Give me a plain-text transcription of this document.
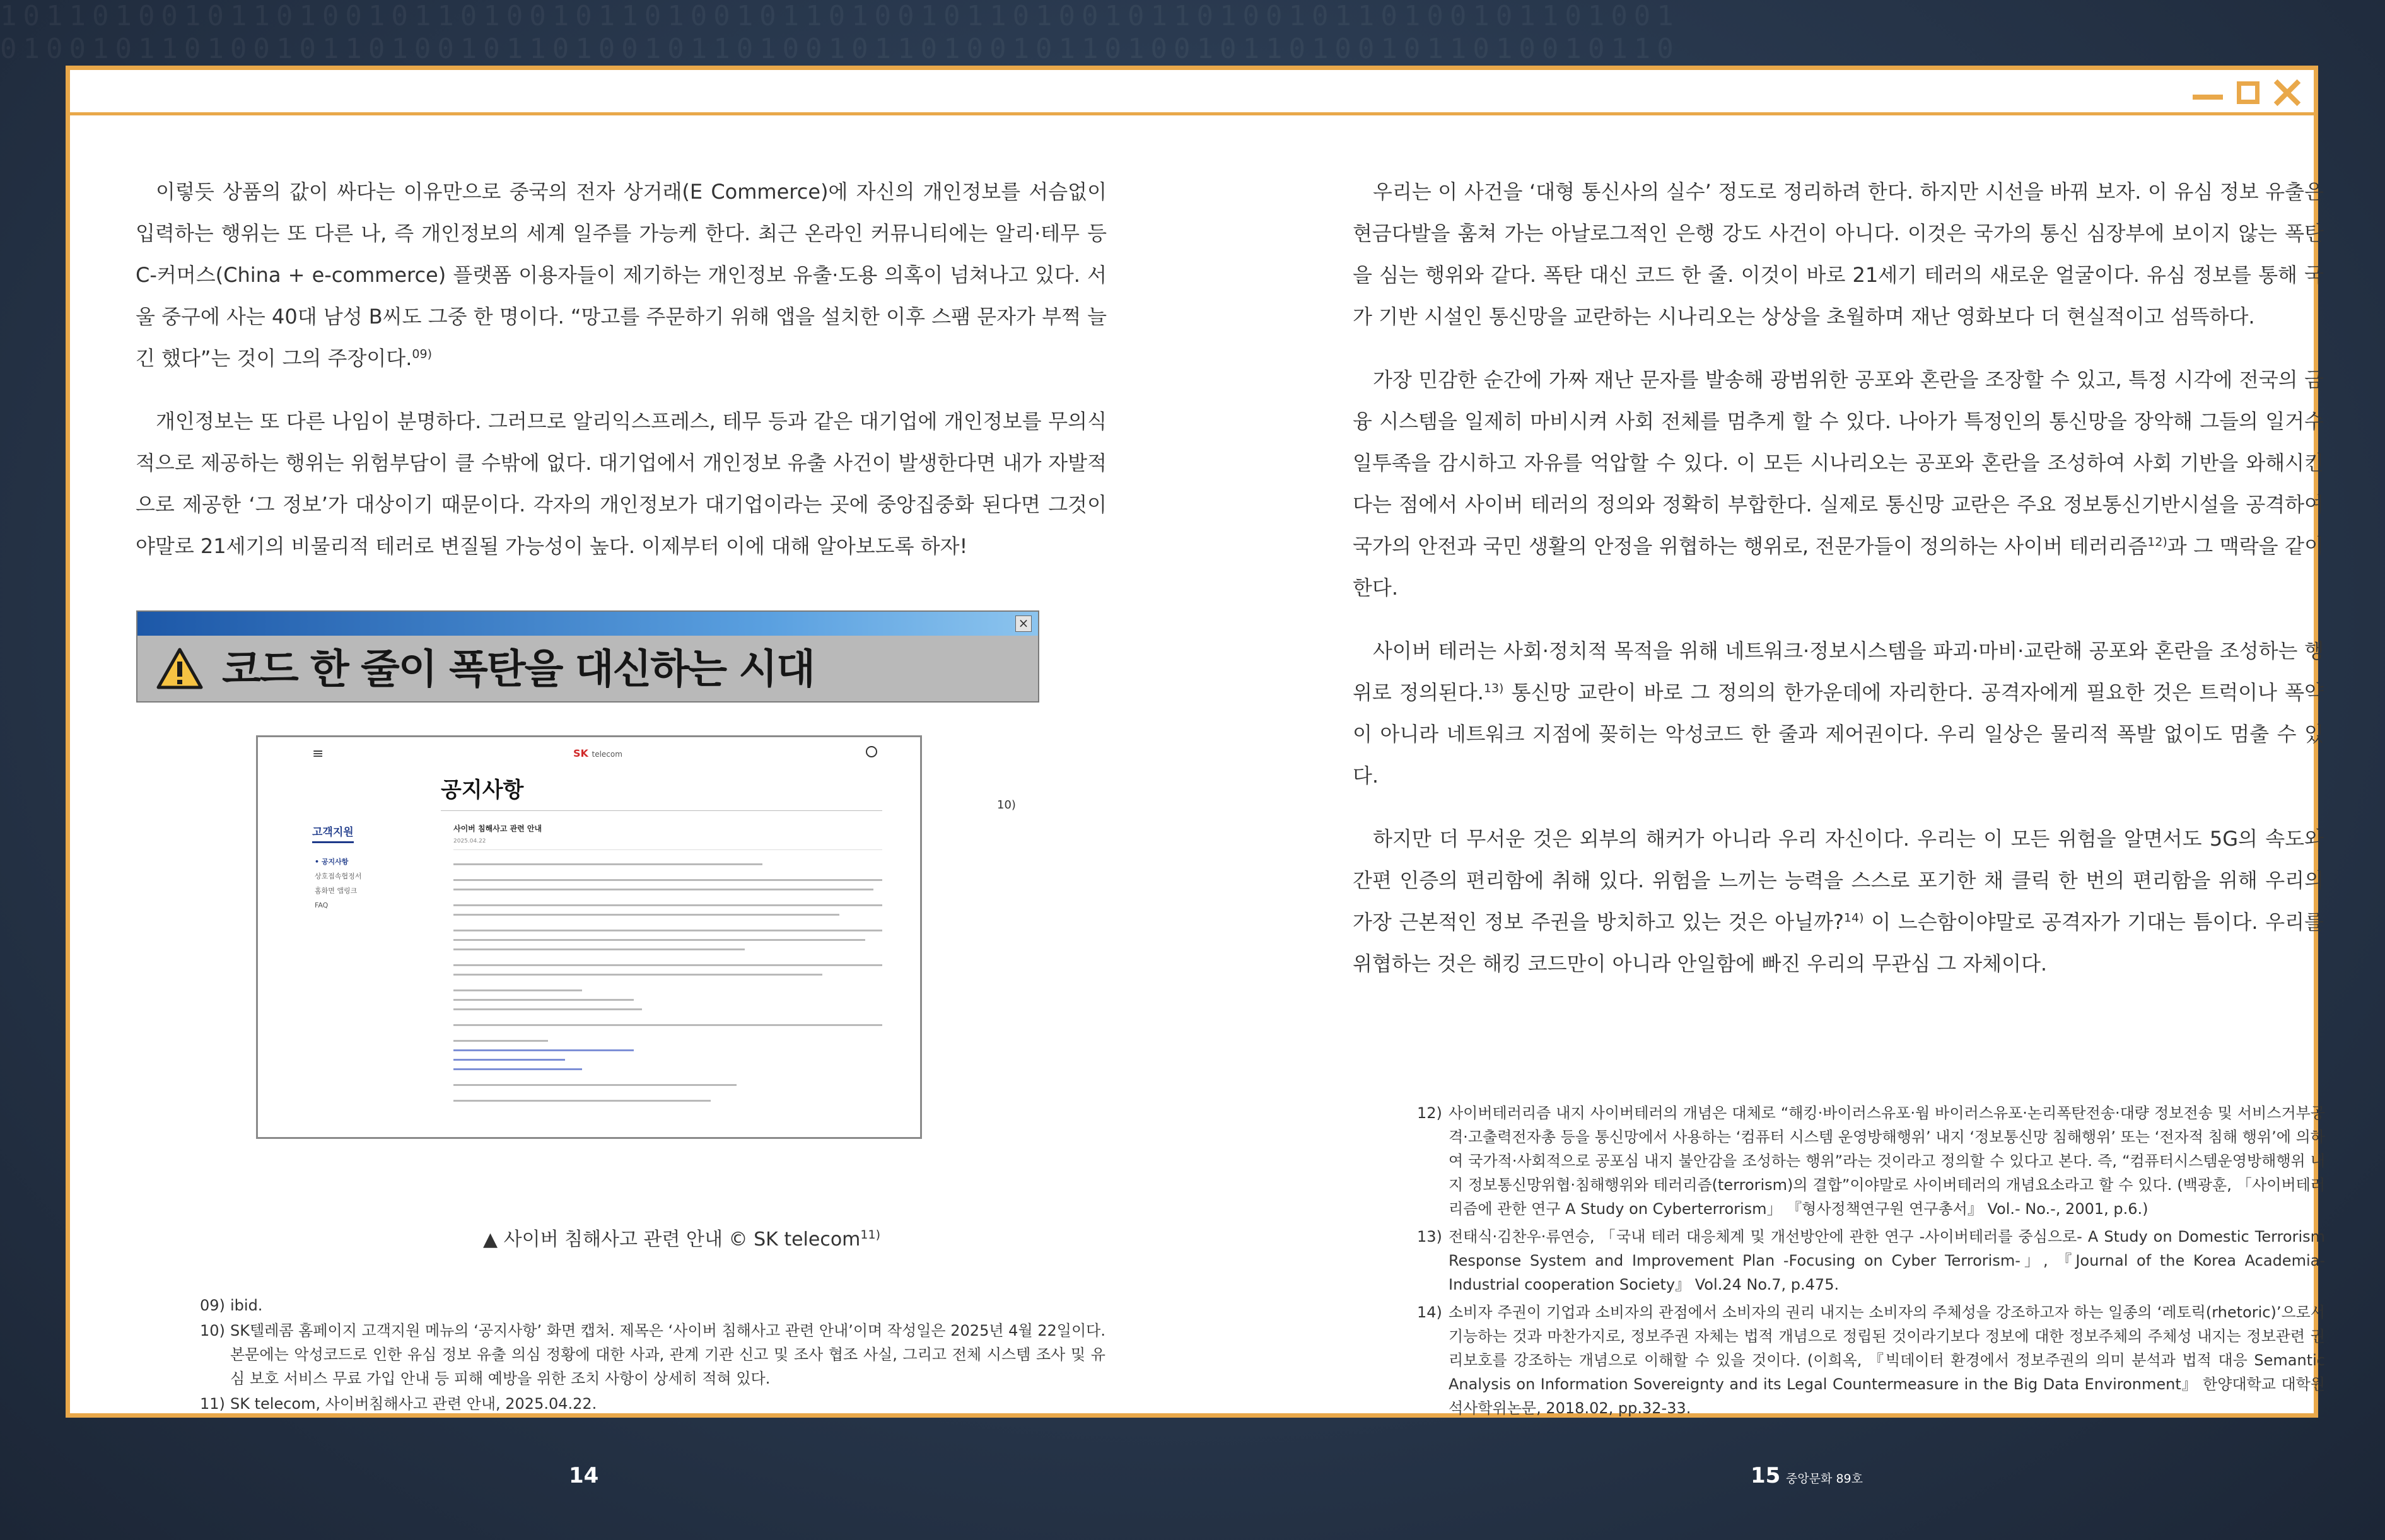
1011010010110100101101001011010010110100101101001011010010110100101101001
0100101101001011010010110100101101001011010010110100101101001011010010110

이렇듯 상품의 값이 싸다는 이유만으로 중국의 전자 상거래(E Commerce)에 자신의 개인정보를 서슴없이 입력하는 행위는 또 다른 나, 즉 개인정보의 세계 일주를 가능케 한다. 최근 온라인 커뮤니티에는 알리·테무 등 C-커머스(China + e-commerce) 플랫폼 이용자들이 제기하는 개인정보 유출·도용 의혹이 넘쳐나고 있다. 서울 중구에 사는 40대 남성 B씨도 그중 한 명이다. “망고를 주문하기 위해 앱을 설치한 이후 스팸 문자가 부쩍 늘긴 했다”는 것이 그의 주장이다.$^{09)}$

개인정보는 또 다른 나임이 분명하다. 그러므로 알리익스프레스, 테무 등과 같은 대기업에 개인정보를 무의식적으로 제공하는 행위는 위험부담이 클 수밖에 없다. 대기업에서 개인정보 유출 사건이 발생한다면 내가 자발적으로 제공한 ‘그 정보’가 대상이기 때문이다. 각자의 개인정보가 대기업이라는 곳에 중앙집중화 된다면 그것이야말로 21세기의 비물리적 테러로 변질될 가능성이 높다. 이제부터 이에 대해 알아보도록 하자!

×
코드 한 줄이 폭탄을 대신하는 시대
≡	SK telecom
공지사항
고객지원
• 공지사항
상호접속협정서
홈화면 앱링크
FAQ
사이버 침해사고 관련 안내
2025.04.22
10)
▲ 사이버 침해사고 관련 안내 © SK telecom$^{11)}$
09) ibid.
10) SK텔레콤 홈페이지 고객지원 메뉴의 ‘공지사항’ 화면 캡처. 제목은 ‘사이버 침해사고 관련 안내’이며 작성일은 2025년 4월 22일이다. 본문에는 악성코드로 인한 유심 정보 유출 의심 정황에 대한 사과, 관계 기관 신고 및 조사 협조 사실, 그리고 전체 시스템 조사 및 유심 보호 서비스 무료 가입 안내 등 피해 예방을 위한 조치 사항이 상세히 적혀 있다.
11) SK telecom, 사이버침해사고 관련 안내, 2025.04.22.

우리는 이 사건을 ‘대형 통신사의 실수’ 정도로 정리하려 한다. 하지만 시선을 바꿔 보자. 이 유심 정보 유출은 현금다발을 훔쳐 가는 아날로그적인 은행 강도 사건이 아니다. 이것은 국가의 통신 심장부에 보이지 않는 폭탄을 심는 행위와 같다. 폭탄 대신 코드 한 줄. 이것이 바로 21세기 테러의 새로운 얼굴이다. 유심 정보를 통해 국가 기반 시설인 통신망을 교란하는 시나리오는 상상을 초월하며 재난 영화보다 더 현실적이고 섬뜩하다.

가장 민감한 순간에 가짜 재난 문자를 발송해 광범위한 공포와 혼란을 조장할 수 있고, 특정 시각에 전국의 금융 시스템을 일제히 마비시켜 사회 전체를 멈추게 할 수 있다. 나아가 특정인의 통신망을 장악해 그들의 일거수일투족을 감시하고 자유를 억압할 수 있다. 이 모든 시나리오는 공포와 혼란을 조성하여 사회 기반을 와해시킨다는 점에서 사이버 테러의 정의와 정확히 부합한다. 실제로 통신망 교란은 주요 정보통신기반시설을 공격하여 국가의 안전과 국민 생활의 안정을 위협하는 행위로, 전문가들이 정의하는 사이버 테러리즘$^{12)}$과 그 맥락을 같이 한다.

사이버 테러는 사회·정치적 목적을 위해 네트워크·정보시스템을 파괴·마비·교란해 공포와 혼란을 조성하는 행위로 정의된다.$^{13)}$ 통신망 교란이 바로 그 정의의 한가운데에 자리한다. 공격자에게 필요한 것은 트럭이나 폭약이 아니라 네트워크 지점에 꽂히는 악성코드 한 줄과 제어권이다. 우리 일상은 물리적 폭발 없이도 멈출 수 있다.

하지만 더 무서운 것은 외부의 해커가 아니라 우리 자신이다. 우리는 이 모든 위험을 알면서도 5G의 속도와 간편 인증의 편리함에 취해 있다. 위험을 느끼는 능력을 스스로 포기한 채 클릭 한 번의 편리함을 위해 우리의 가장 근본적인 정보 주권을 방치하고 있는 것은 아닐까?$^{14)}$ 이 느슨함이야말로 공격자가 기대는 틈이다. 우리를 위협하는 것은 해킹 코드만이 아니라 안일함에 빠진 우리의 무관심 그 자체이다.

12) 사이버테러리즘 내지 사이버테러의 개념은 대체로 “해킹·바이러스유포·웜 바이러스유포·논리폭탄전송·대량 정보전송 및 서비스거부공격·고출력전자총 등을 통신망에서 사용하는 ‘컴퓨터 시스템 운영방해행위’ 내지 ‘정보통신망 침해행위’ 또는 ‘전자적 침해 행위’에 의하여 국가적·사회적으로 공포심 내지 불안감을 조성하는 행위”라는 것이라고 정의할 수 있다고 본다. 즉, “컴퓨터시스템운영방해행위 내지 정보통신망위협·침해행위와 테러리즘(terrorism)의 결합”이야말로 사이버테러의 개념요소라고 할 수 있다. (백광훈, 「사이버테러리즘에 관한 연구 A Study on Cyberterrorism」 『형사정책연구원 연구총서』 Vol.- No.-, 2001, p.6.)
13) 전태식·김찬우·류연승, 「국내 테러 대응체계 및 개선방안에 관한 연구 -사이버테러를 중심으로- A Study on Domestic Terrorism Response System and Improvement Plan -Focusing on Cyber Terrorism-」, 『Journal of the Korea Academia-Industrial cooperation Society』 Vol.24 No.7, p.475.
14) 소비자 주권이 기업과 소비자의 관점에서 소비자의 권리 내지는 소비자의 주체성을 강조하고자 하는 일종의 ‘레토릭(rhetoric)’으로서 기능하는 것과 마찬가지로, 정보주권 자체는 법적 개념으로 정립된 것이라기보다 정보에 대한 정보주체의 주체성 내지는 정보관련 권리보호를 강조하는 개념으로 이해할 수 있을 것이다. (이희옥, 『빅데이터 환경에서 정보주권의 의미 분석과 법적 대응 Semantic Analysis on Information Sovereignty and its Legal Countermeasure in the Big Data Environment』 한양대학교 대학원 석사학위논문, 2018.02, pp.32-33.
14	15 중앙문화 89호
